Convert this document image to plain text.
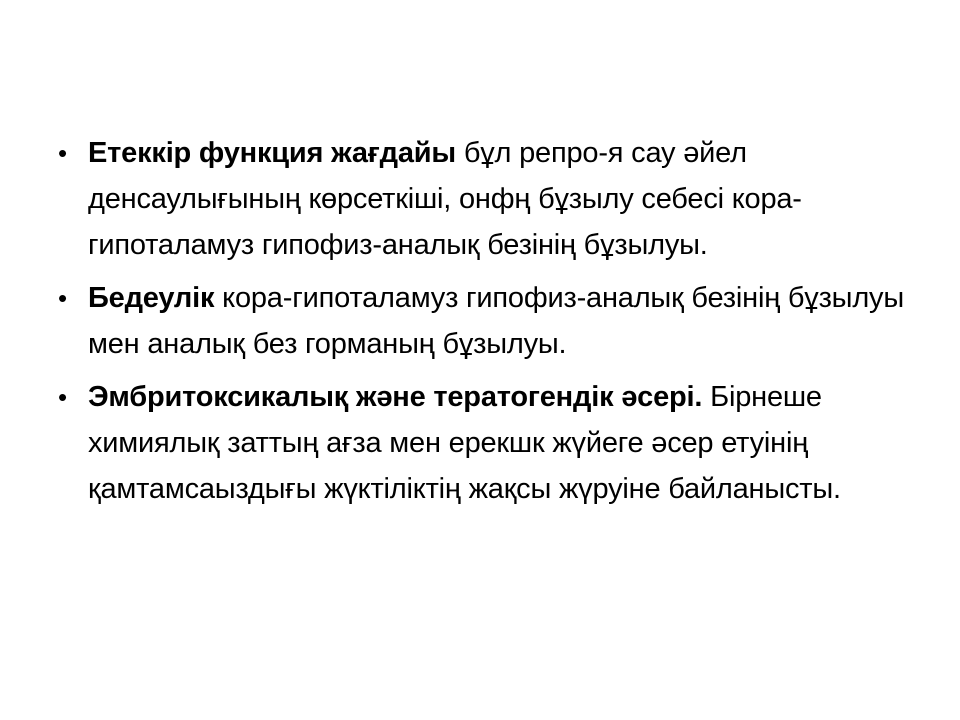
• Етеккір функция жағдайы бұл репро-я сау әйел денсаулығының көрсеткіші, онфң бұзылу себесі кора-гипоталамуз гипофиз-аналық безінің бұзылуы.
• Бедеулік кора-гипоталамуз гипофиз-аналық безінің бұзылуы мен аналық без горманың бұзылуы.
• Эмбритоксикалық және тератогендік әсері. Бірнеше химиялық заттың ағза мен ерекшк жүйеге әсер етуінің қамтамсаыздығы жүктіліктің жақсы жүруіне байланысты.
